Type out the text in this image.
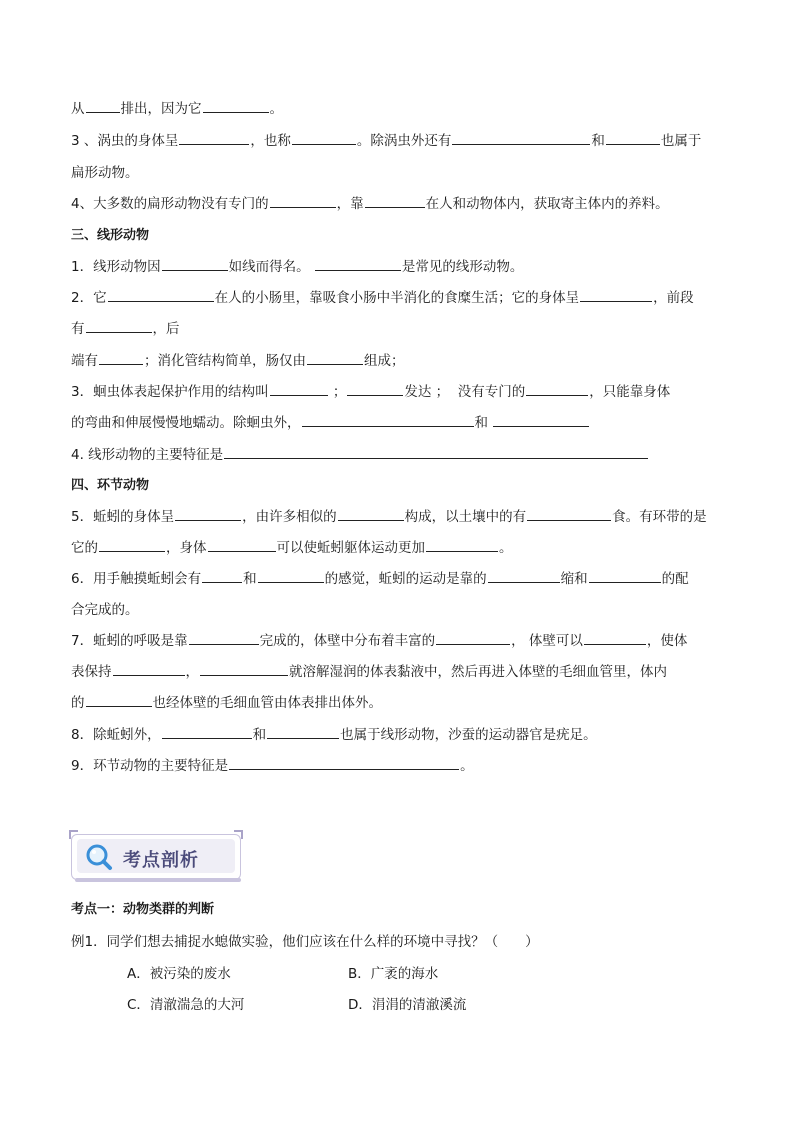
从	排出，因为它	。
3 、涡虫的身体呈	，也称	。除涡虫外还有	和	也属于
扁形动物。
4、大多数的扁形动物没有专门的	，靠	在人和动物体内，获取寄主体内的养料。
三、线形动物
1．线形动物因	如线而得名。	是常见的线形动物。
2．它	在人的小肠里，靠吸食小肠中半消化的食糜生活；它的身体呈	，前段
有	，后
端有	；消化管结构简单，肠仅由	组成；
3．蛔虫体表起保护作用的结构叫	；	发达 ；  没有专门的	，只能靠身体
的弯曲和伸展慢慢地蠕动。除蛔虫外，	和
4. 线形动物的主要特征是
四、环节动物
5．蚯蚓的身体呈	，由许多相似的	构成，以土壤中的有	食。有环带的是
它的	，身体	可以使蚯蚓躯体运动更加	。
6．用手触摸蚯蚓会有	和	的感觉，蚯蚓的运动是靠的	缩和	的配
合完成的。
7．蚯蚓的呼吸是靠	完成的，体壁中分布着丰富的	， 体壁可以	，使体
表保持	，	就溶解湿润的体表黏液中，然后再进入体壁的毛细血管里，体内
的	也经体壁的毛细血管由体表排出体外。
8．除蚯蚓外，	和	也属于线形动物，沙蚕的运动器官是疣足。
9．环节动物的主要特征是	。
考点剖析
考点一：动物类群的判断
例1．同学们想去捕捉水螅做实验，他们应该在什么样的环境中寻找？（　　）
A．被污染的废水	B．广袤的海水
C．清澈湍急的大河	D．涓涓的清澈溪流
